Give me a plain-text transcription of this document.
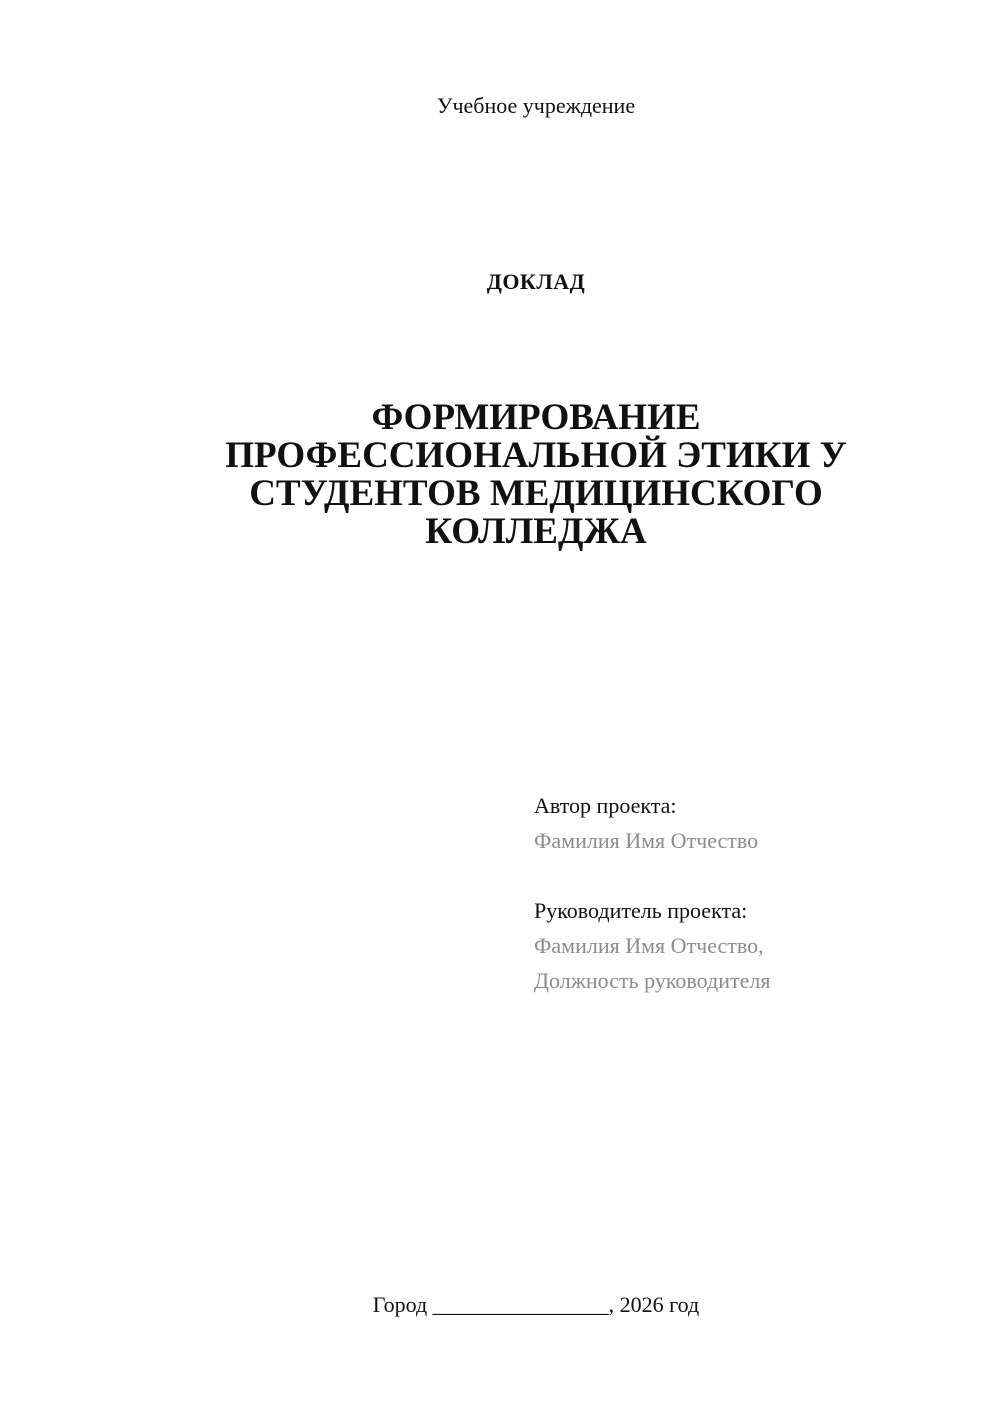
Учебное учреждение
ДОКЛАД
ФОРМИРОВАНИЕ
ПРОФЕССИОНАЛЬНОЙ ЭТИКИ У
СТУДЕНТОВ МЕДИЦИНСКОГО
КОЛЛЕДЖА
Автор проекта:
Фамилия Имя Отчество
Руководитель проекта:
Фамилия Имя Отчество,
Должность руководителя
Город ________________, 2026 год
